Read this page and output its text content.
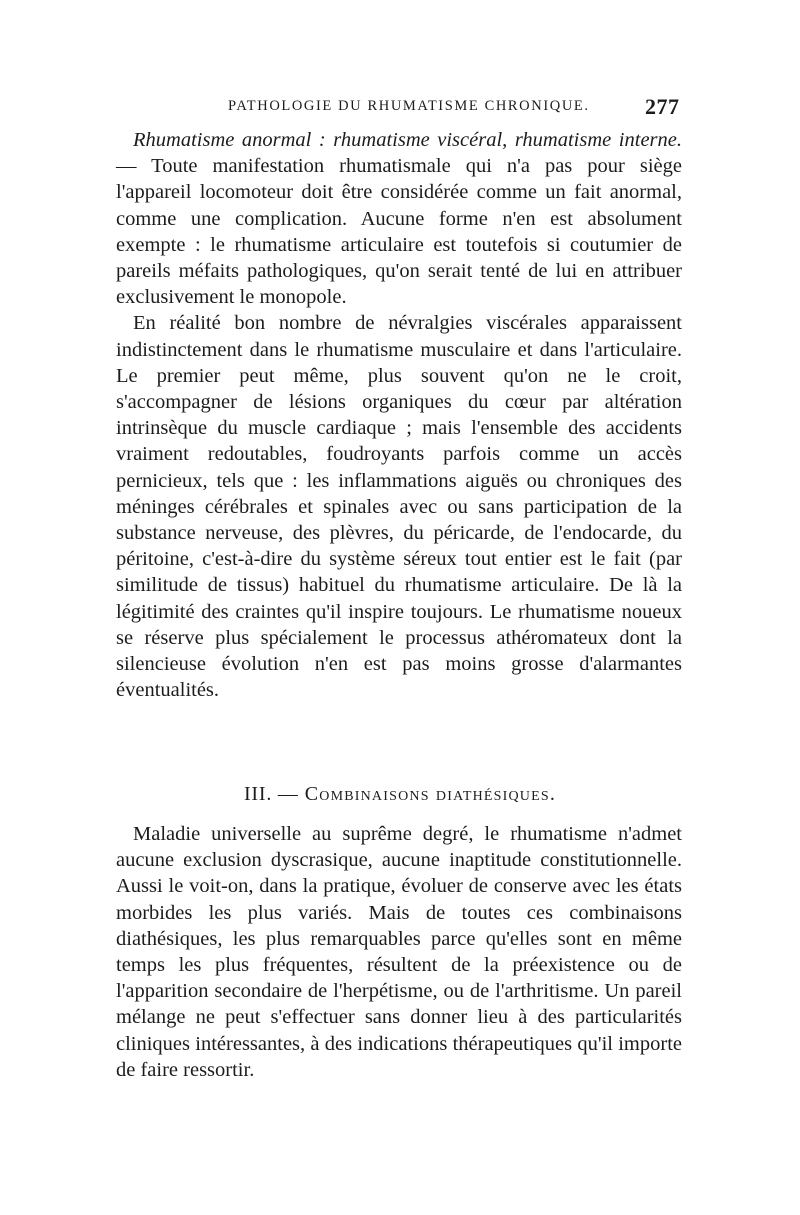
PATHOLOGIE DU RHUMATISME CHRONIQUE.	277

Rhumatisme anormal : rhumatisme viscéral, rhumatisme interne. — Toute manifestation rhumatismale qui n'a pas pour siège l'appareil locomoteur doit être considérée comme un fait anormal, comme une complication. Aucune forme n'en est absolument exempte : le rhumatisme articulaire est toutefois si coutumier de pareils méfaits pathologiques, qu'on serait tenté de lui en attribuer exclusivement le monopole.

En réalité bon nombre de névralgies viscérales apparaissent indistinctement dans le rhumatisme musculaire et dans l'articulaire. Le premier peut même, plus souvent qu'on ne le croit, s'accompagner de lésions organiques du cœur par altération intrinsèque du muscle cardiaque ; mais l'ensemble des accidents vraiment redoutables, foudroyants parfois comme un accès pernicieux, tels que : les inflammations aiguës ou chroniques des méninges cérébrales et spinales avec ou sans participation de la substance nerveuse, des plèvres, du péricarde, de l'endocarde, du péritoine, c'est-à-dire du système séreux tout entier est le fait (par similitude de tissus) habituel du rhumatisme articulaire. De là la légitimité des craintes qu'il inspire toujours. Le rhumatisme noueux se réserve plus spécialement le processus athéromateux dont la silencieuse évolution n'en est pas moins grosse d'alarmantes éventualités.

III. — Combinaisons diathésiques.

Maladie universelle au suprême degré, le rhumatisme n'admet aucune exclusion dyscrasique, aucune inaptitude constitutionnelle. Aussi le voit-on, dans la pratique, évoluer de conserve avec les états morbides les plus variés. Mais de toutes ces combinaisons diathésiques, les plus remarquables parce qu'elles sont en même temps les plus fréquentes, résultent de la préexistence ou de l'apparition secondaire de l'herpétisme, ou de l'arthritisme. Un pareil mélange ne peut s'effectuer sans donner lieu à des particularités cliniques intéressantes, à des indications thérapeutiques qu'il importe de faire ressortir.
